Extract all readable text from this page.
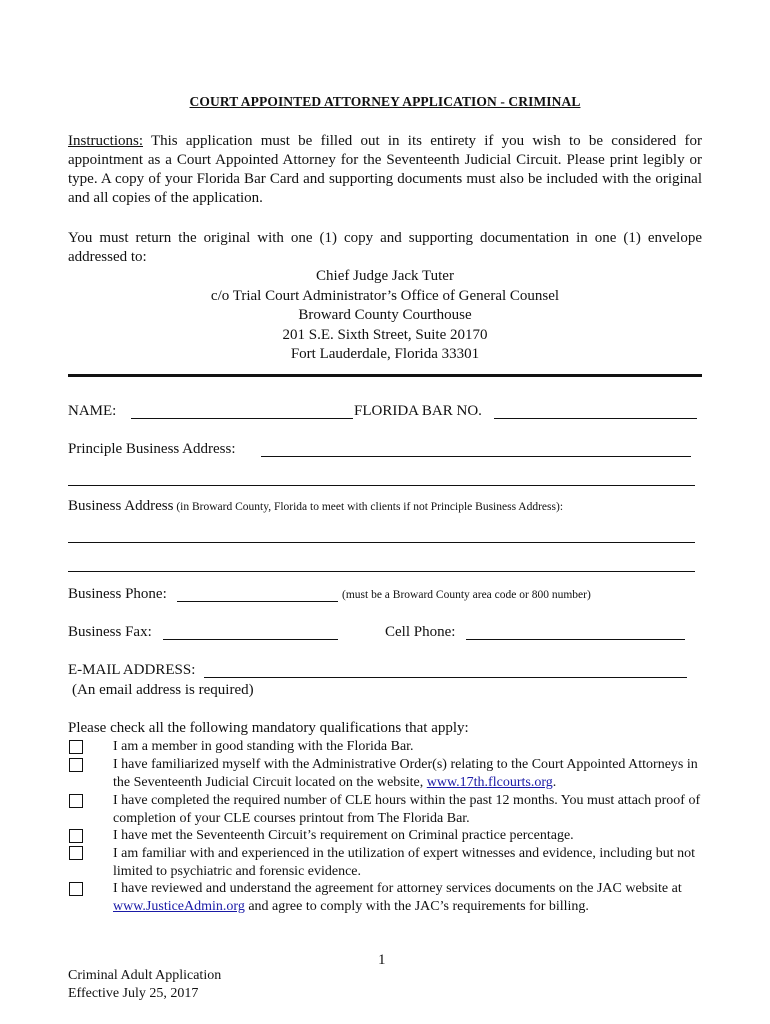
COURT APPOINTED ATTORNEY APPLICATION - CRIMINAL
Instructions: This application must be filled out in its entirety if you wish to be considered for appointment as a Court Appointed Attorney for the Seventeenth Judicial Circuit. Please print legibly or type. A copy of your Florida Bar Card and supporting documents must also be included with the original and all copies of the application.
You must return the original with one (1) copy and supporting documentation in one (1) envelope addressed to:
Chief Judge Jack Tuter
c/o Trial Court Administrator’s Office of General Counsel
Broward County Courthouse
201 S.E. Sixth Street, Suite 20170
Fort Lauderdale, Florida 33301
NAME:	FLORIDA BAR NO.
Principle Business Address:
Business Address (in Broward County, Florida to meet with clients if not Principle Business Address):
Business Phone:	(must be a Broward County area code or 800 number)
Business Fax:	Cell Phone:
E-MAIL ADDRESS:
(An email address is required)
Please check all the following mandatory qualifications that apply:
I am a member in good standing with the Florida Bar.
I have familiarized myself with the Administrative Order(s) relating to the Court Appointed Attorneys in the Seventeenth Judicial Circuit located on the website, www.17th.flcourts.org.
I have completed the required number of CLE hours within the past 12 months. You must attach proof of completion of your CLE courses printout from The Florida Bar.
I have met the Seventeenth Circuit’s requirement on Criminal practice percentage.
I am familiar with and experienced in the utilization of expert witnesses and evidence, including but not limited to psychiatric and forensic evidence.
I have reviewed and understand the agreement for attorney services documents on the JAC website at www.JusticeAdmin.org and agree to comply with the JAC’s requirements for billing.
1
Criminal Adult Application
Effective July 25, 2017
